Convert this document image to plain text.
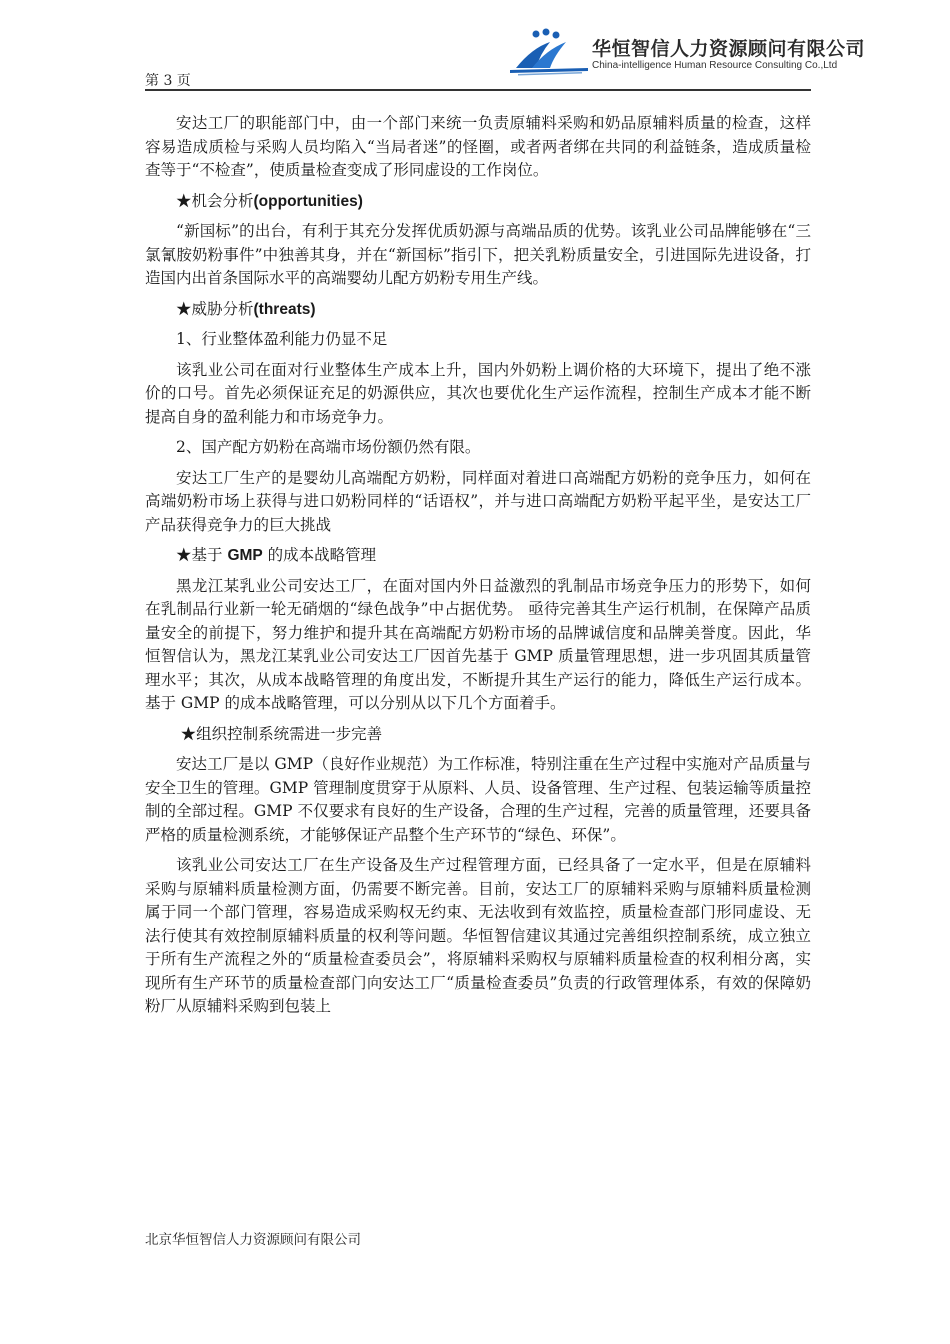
第 3 页
华恒智信人力资源顾问有限公司
China-intelligence Human Resource Consulting Co.,Ltd

安达工厂的职能部门中，由一个部门来统一负责原辅料采购和奶品原辅料质量的检查，这样容易造成质检与采购人员均陷入“当局者迷”的怪圈，或者两者绑在共同的利益链条，造成质量检查等于“不检查”，使质量检查变成了形同虚设的工作岗位。

★机会分析(opportunities)

“新国标”的出台，有利于其充分发挥优质奶源与高端品质的优势。该乳业公司品牌能够在“三氯氰胺奶粉事件”中独善其身，并在“新国标”指引下，把关乳粉质量安全，引进国际先进设备，打造国内出首条国际水平的高端婴幼儿配方奶粉专用生产线。

★威胁分析(threats)

1、行业整体盈利能力仍显不足

该乳业公司在面对行业整体生产成本上升，国内外奶粉上调价格的大环境下，提出了绝不涨价的口号。首先必须保证充足的奶源供应，其次也要优化生产运作流程，控制生产成本才能不断提高自身的盈利能力和市场竞争力。

2、国产配方奶粉在高端市场份额仍然有限。

安达工厂生产的是婴幼儿高端配方奶粉，同样面对着进口高端配方奶粉的竞争压力，如何在高端奶粉市场上获得与进口奶粉同样的“话语权”，并与进口高端配方奶粉平起平坐，是安达工厂产品获得竞争力的巨大挑战

★基于 GMP 的成本战略管理

黑龙江某乳业公司安达工厂，在面对国内外日益激烈的乳制品市场竞争压力的形势下，如何在乳制品行业新一轮无硝烟的“绿色战争”中占据优势。 亟待完善其生产运行机制，在保障产品质量安全的前提下，努力维护和提升其在高端配方奶粉市场的品牌诚信度和品牌美誉度。因此，华恒智信认为，黑龙江某乳业公司安达工厂因首先基于 GMP 质量管理思想，进一步巩固其质量管理水平；其次，从成本战略管理的角度出发，不断提升其生产运行的能力，降低生产运行成本。基于 GMP 的成本战略管理，可以分别从以下几个方面着手。

★组织控制系统需进一步完善

安达工厂是以 GMP（良好作业规范）为工作标准，特别注重在生产过程中实施对产品质量与安全卫生的管理。GMP 管理制度贯穿于从原料、人员、设备管理、生产过程、包装运输等质量控制的全部过程。GMP 不仅要求有良好的生产设备，合理的生产过程，完善的质量管理，还要具备严格的质量检测系统，才能够保证产品整个生产环节的“绿色、环保”。

该乳业公司安达工厂在生产设备及生产过程管理方面，已经具备了一定水平，但是在原辅料采购与原辅料质量检测方面，仍需要不断完善。目前，安达工厂的原辅料采购与原辅料质量检测属于同一个部门管理，容易造成采购权无约束、无法收到有效监控，质量检查部门形同虚设、无法行使其有效控制原辅料质量的权利等问题。华恒智信建议其通过完善组织控制系统，成立独立于所有生产流程之外的“质量检查委员会”，将原辅料采购权与原辅料质量检查的权利相分离，实现所有生产环节的质量检查部门向安达工厂“质量检查委员”负责的行政管理体系，有效的保障奶粉厂从原辅料采购到包装上

北京华恒智信人力资源顾问有限公司
